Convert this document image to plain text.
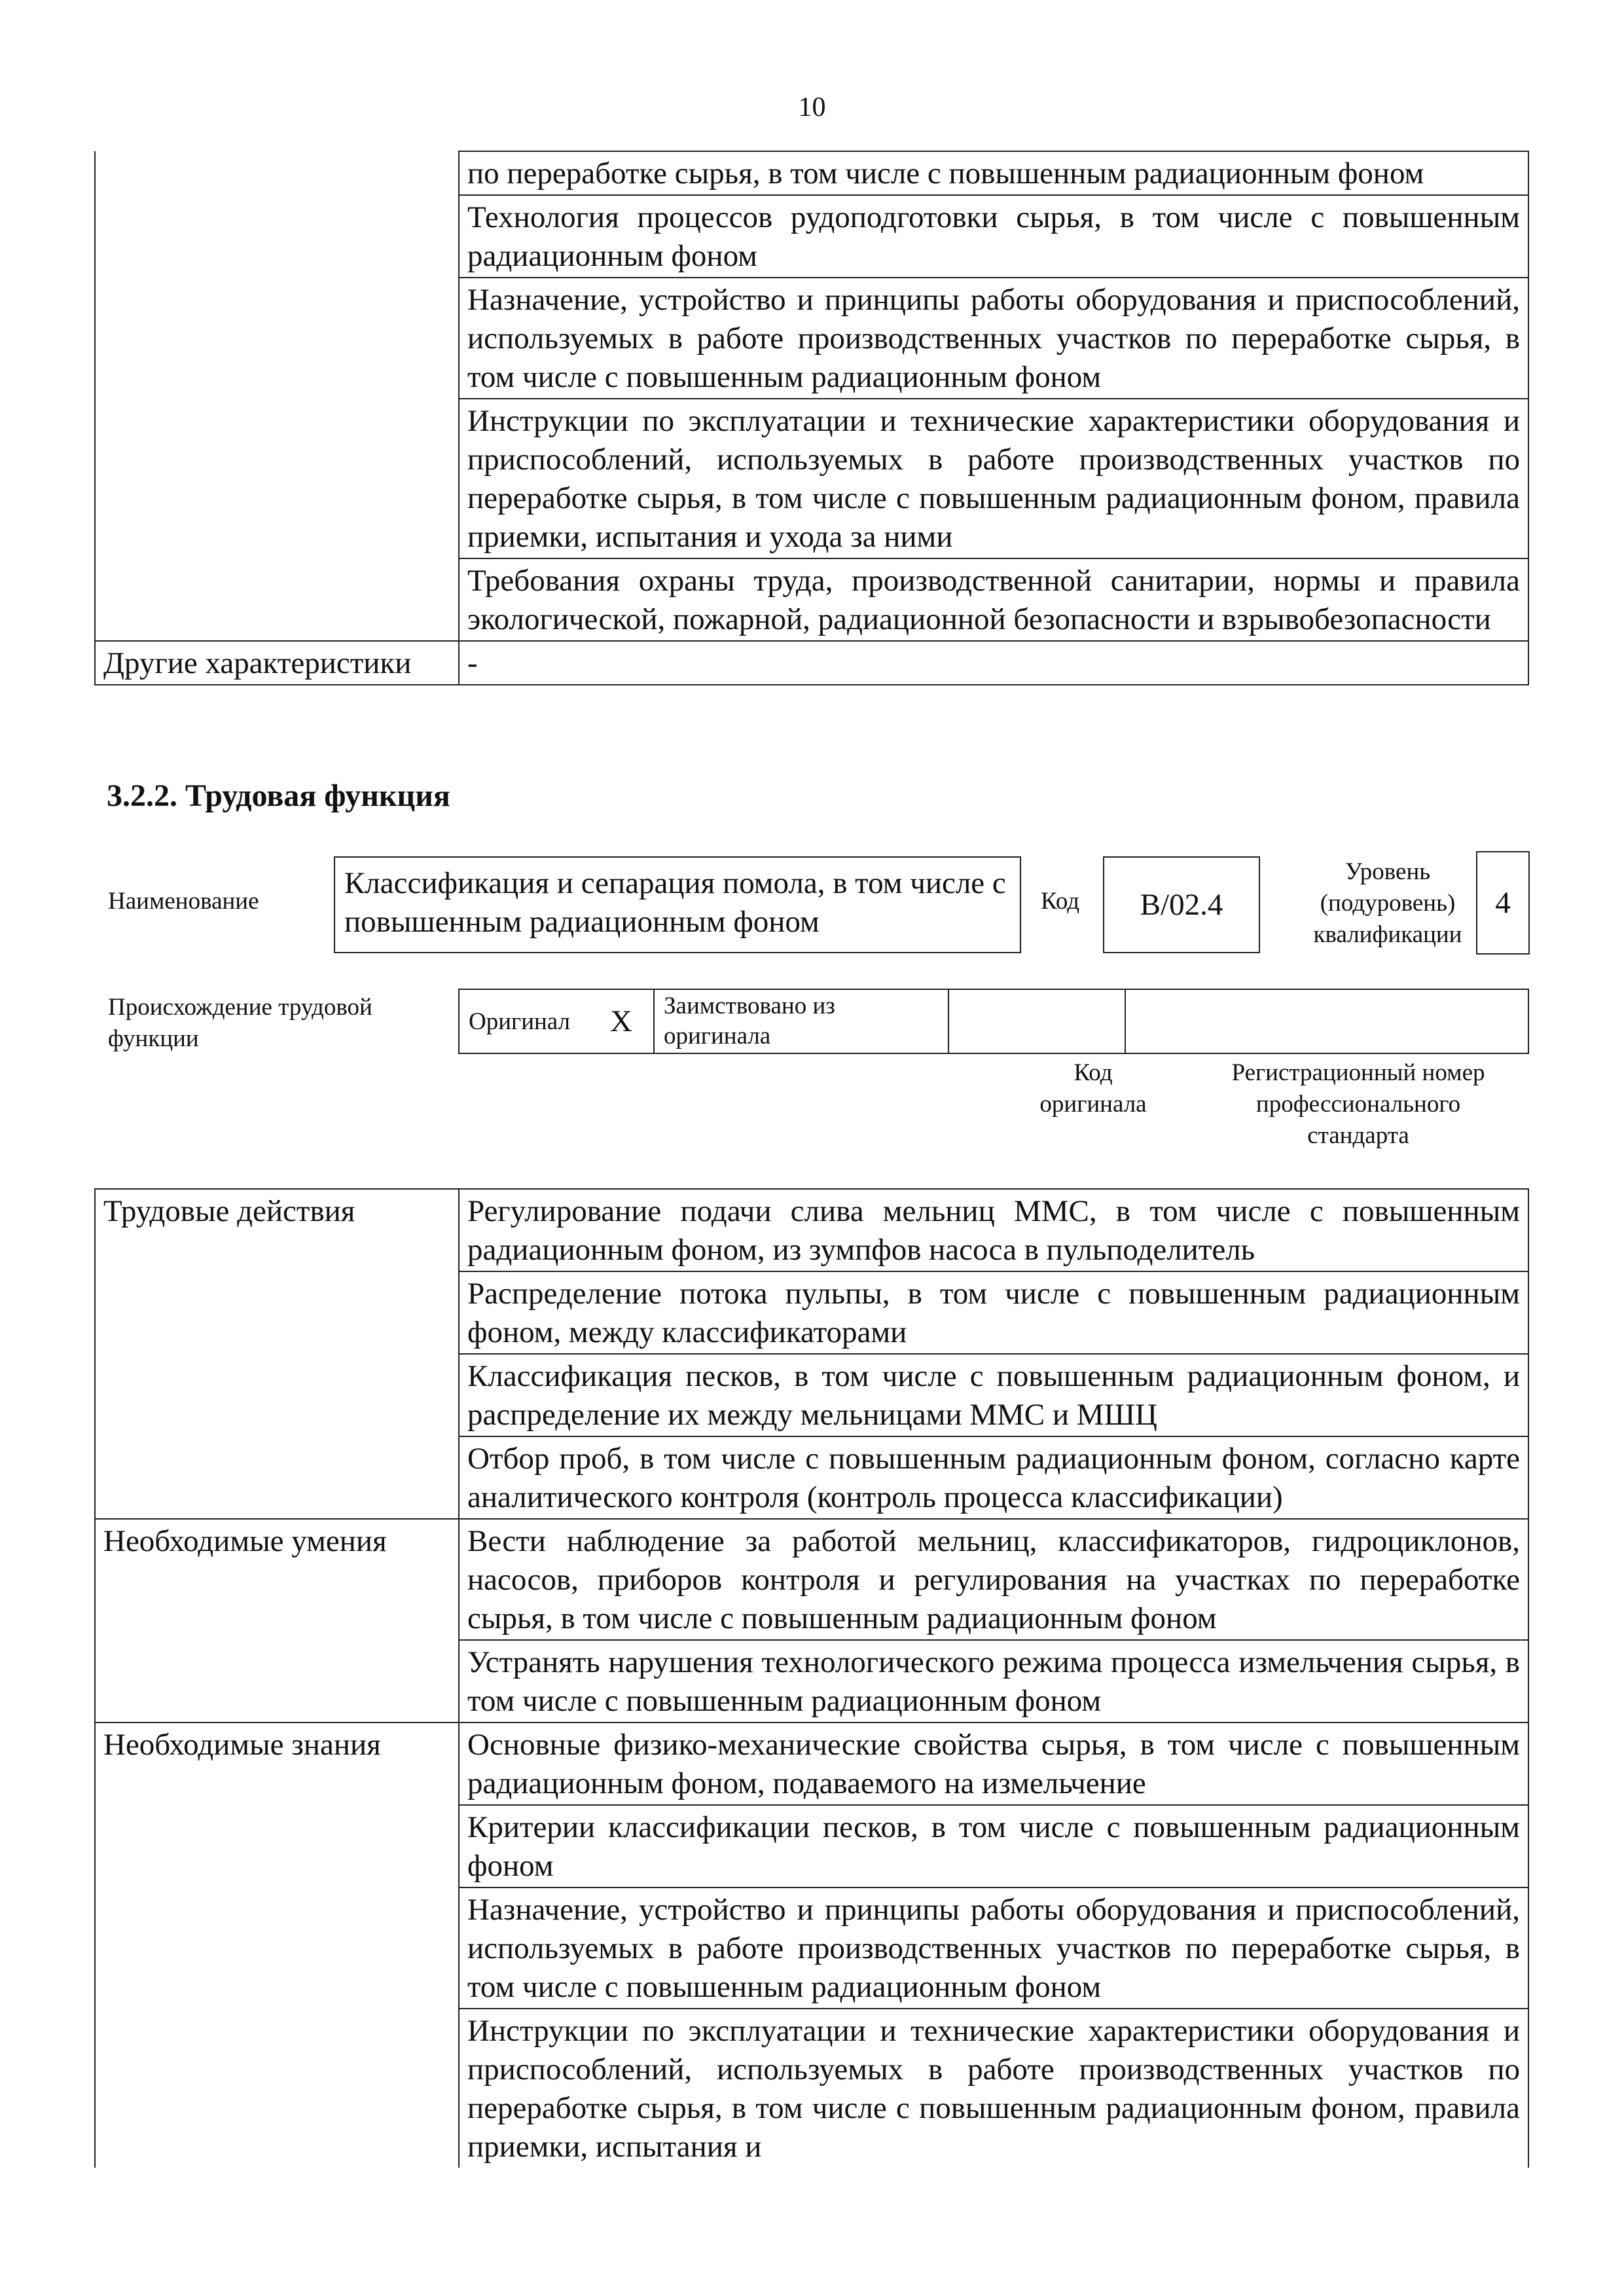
10
	по переработке сырья, в том числе с повышенным радиационным фоном
	Технология процессов рудоподготовки сырья, в том числе с повышенным радиационным фоном
	Назначение, устройство и принципы работы оборудования и приспособлений, используемых в работе производственных участков по переработке сырья, в том числе с повышенным радиационным фоном
	Инструкции по эксплуатации и технические характеристики оборудования и приспособлений, используемых в работе производственных участков по переработке сырья, в том числе с повышенным радиационным фоном, правила приемки, испытания и ухода за ними
	Требования охраны труда, производственной санитарии, нормы и правила экологической, пожарной, радиационной безопасности и взрывобезопасности
Другие характеристики	-
3.2.2. Трудовая функция
Наименование
Классификация и сепарация помола, в том числе с повышенным радиационным фоном
Код	B/02.4
Уровень
(подуровень)
квалификации
4
Происхождение трудовой
функции
Оригинал	X	Заимствовано из
оригинала

Код
оригинала
Регистрационный номер
профессионального
стандарта
Трудовые действия	Регулирование подачи слива мельниц ММС, в том числе с повышенным радиационным фоном, из зумпфов насоса в пульподелитель
	Распределение потока пульпы, в том числе с повышенным радиационным фоном, между классификаторами
	Классификация песков, в том числе с повышенным радиационным фоном, и распределение их между мельницами ММС и МШЦ
	Отбор проб, в том числе с повышенным радиационным фоном, согласно карте аналитического контроля (контроль процесса классификации)
Необходимые умения	Вести наблюдение за работой мельниц, классификаторов, гидроциклонов, насосов, приборов контроля и регулирования на участках по переработке сырья, в том числе с повышенным радиационным фоном
	Устранять нарушения технологического режима процесса измельчения сырья, в том числе с повышенным радиационным фоном
Необходимые знания	Основные физико-механические свойства сырья, в том числе с повышенным радиационным фоном, подаваемого на измельчение
	Критерии классификации песков, в том числе с повышенным радиационным фоном
	Назначение, устройство и принципы работы оборудования и приспособлений, используемых в работе производственных участков по переработке сырья, в том числе с повышенным радиационным фоном
	Инструкции по эксплуатации и технические характеристики оборудования и приспособлений, используемых в работе производственных участков по переработке сырья, в том числе с повышенным радиационным фоном, правила приемки, испытания и
